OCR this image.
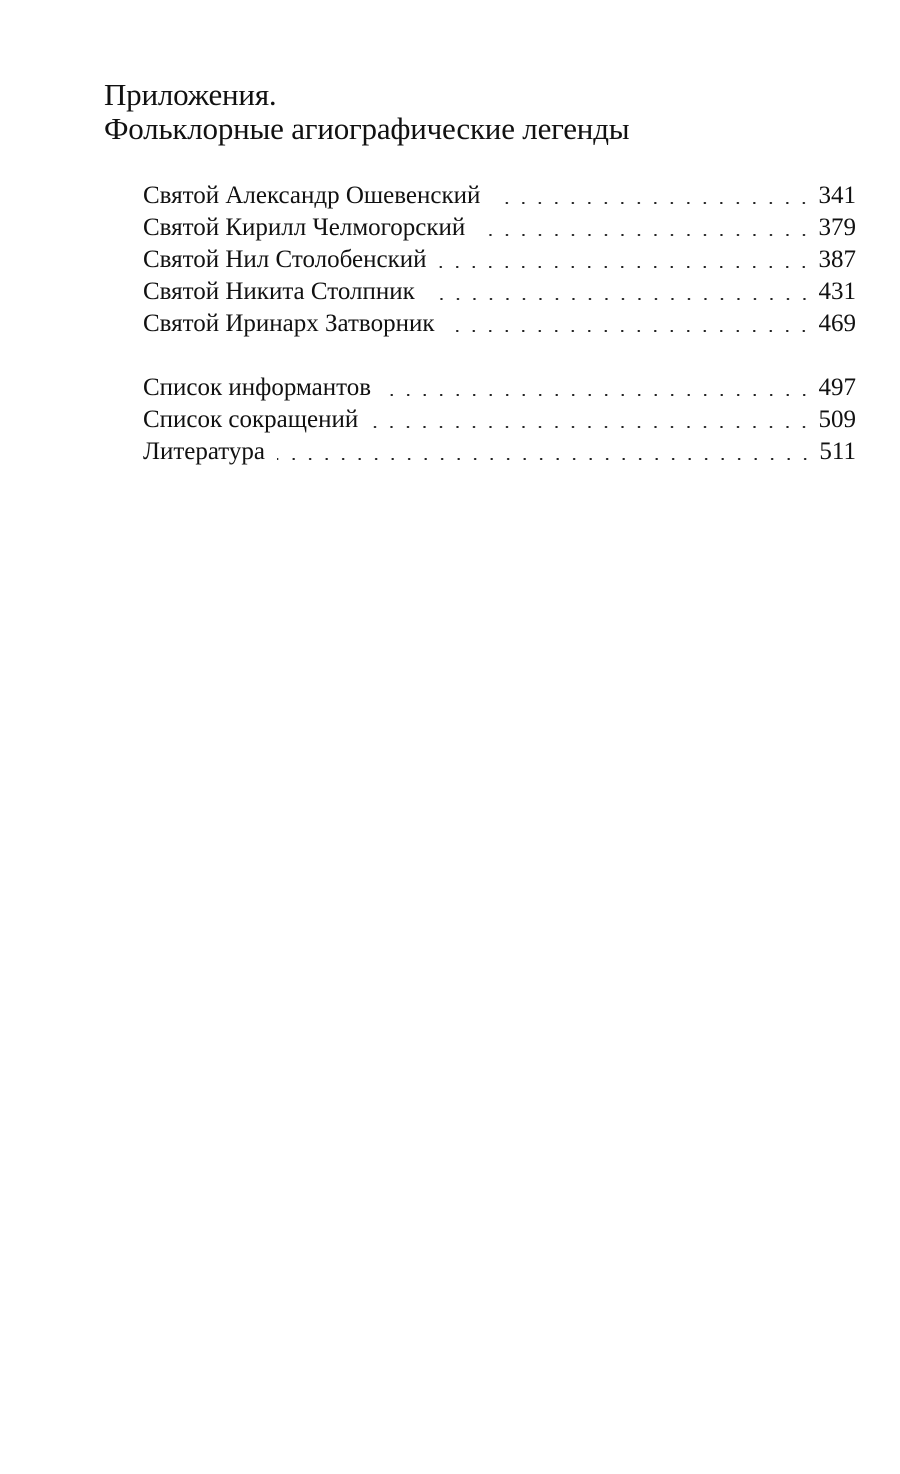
Приложения.
Фольклорные агиографические легенды
Святой Александр Ошевенский	341
Святой Кирилл Челмогорский	379
Святой Нил Столобенский	387
Святой Никита Столпник	431
Святой Иринарх Затворник	469
Список информантов	497
Список сокращений	509
Литература	511
